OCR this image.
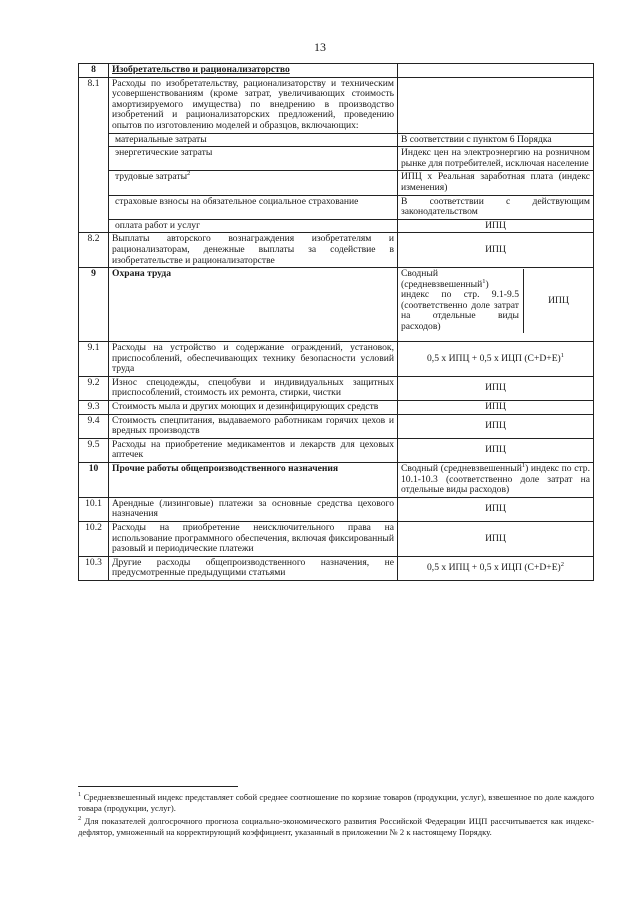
13
8	Изобретательство и рационализаторство	
8.1	Расходы по изобретательству, рационализаторству и техническим усовершенствованиям (кроме затрат, увеличивающих стоимость амортизируемого имущества) по внедрению в производство изобретений и рационализаторских предложений, проведению опытов по изготовлению моделей и образцов, включающих:	
материальные затраты	В соответствии с пунктом 6 Порядка
энергетические затраты	Индекс цен на электроэнергию на розничном рынке для потребителей, исключая население
трудовые затраты$^2$	ИПЦ х Реальная заработная плата (индекс изменения)
страховые взносы на обязательное социальное страхование	В соответствии с действующим законодательством
оплата работ и услуг	ИПЦ
8.2	Выплаты авторского вознаграждения изобретателям и рационализаторам, денежные выплаты за содействие в изобретательстве и рационализаторстве	ИПЦ
9	Охрана труда		Сводный (средневзвешенный$^1$) индекс по стр. 9.1-9.5 (соответственно доле затрат на отдельные виды расходов)	ИПЦ

9.1	Расходы на устройство и содержание ограждений, установок, приспособлений, обеспечивающих технику безопасности условий труда	0,5 х ИПЦ + 0,5 х ИЦП $(C+D+E)^1$
9.2	Износ спецодежды, спецобуви и индивидуальных защитных приспособлений, стоимость их ремонта, стирки, чистки	ИПЦ
9.3	Стоимость мыла и других моющих и дезинфицирующих средств	ИПЦ
9.4	Стоимость спецпитания, выдаваемого работникам горячих цехов и вредных производств	ИПЦ
9.5	Расходы на приобретение медикаментов и лекарств для цеховых аптечек	ИПЦ
10	Прочие работы общепроизводственного назначения	Сводный (средневзвешенный$^1$) индекс по стр. 10.1-10.3 (соответственно доле затрат на отдельные виды расходов)
10.1	Арендные (лизинговые) платежи за основные средства цехового назначения	ИПЦ
10.2	Расходы на приобретение неисключительного права на использование программного обеспечения, включая фиксированный разовый и периодические платежи	ИПЦ
10.3	Другие расходы общепроизводственного назначения, не предусмотренные предыдущими статьями	0,5 х ИПЦ + 0,5 х ИЦП $(C+D+E)^2$

$^1$ Средневзвешенный индекс представляет собой среднее соотношение по корзине товаров (продукции, услуг), взвешенное по доле каждого товара (продукции, услуг).

$^2$ Для показателей долгосрочного прогноза социально-экономического развития Российской Федерации ИЦП рассчитывается как индекс-дефлятор, умноженный на корректирующий коэффициент, указанный в приложении № 2 к настоящему Порядку.
